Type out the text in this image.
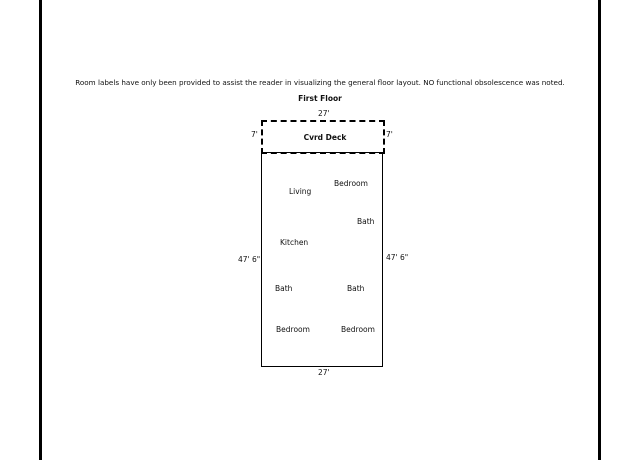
Room labels have only been provided to assist the reader in visualizing the general floor layout. NO functional obsolescence was noted.
First Floor
27'
7'	7'
Cvrd Deck
Living
Bedroom
Bath
Kitchen
Bath	Bath
Bedroom	Bedroom
47' 6"	47' 6"
27'
